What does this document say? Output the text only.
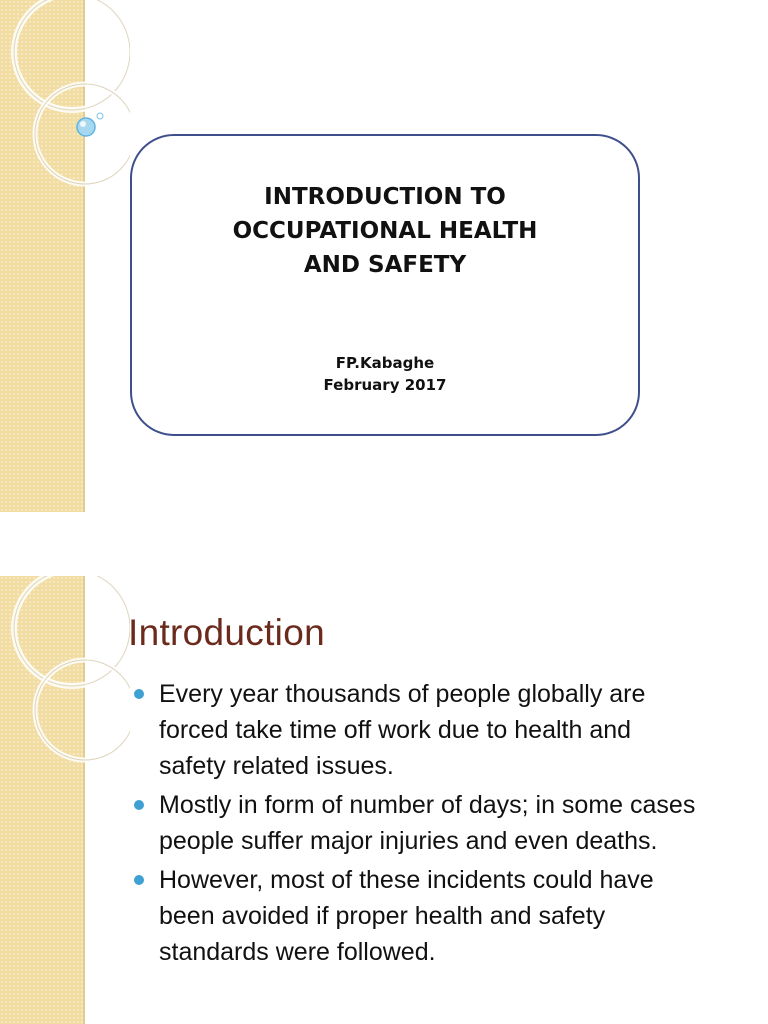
INTRODUCTION TO
OCCUPATIONAL HEALTH
AND SAFETY
FP.Kabaghe
February 2017
Introduction
Every year thousands of people globally are
forced take time off work due to health and
safety related issues.
Mostly in form of number of days; in some cases
people suffer major injuries and even deaths.
However, most of these incidents could have
been avoided if proper health and safety
standards were followed.
